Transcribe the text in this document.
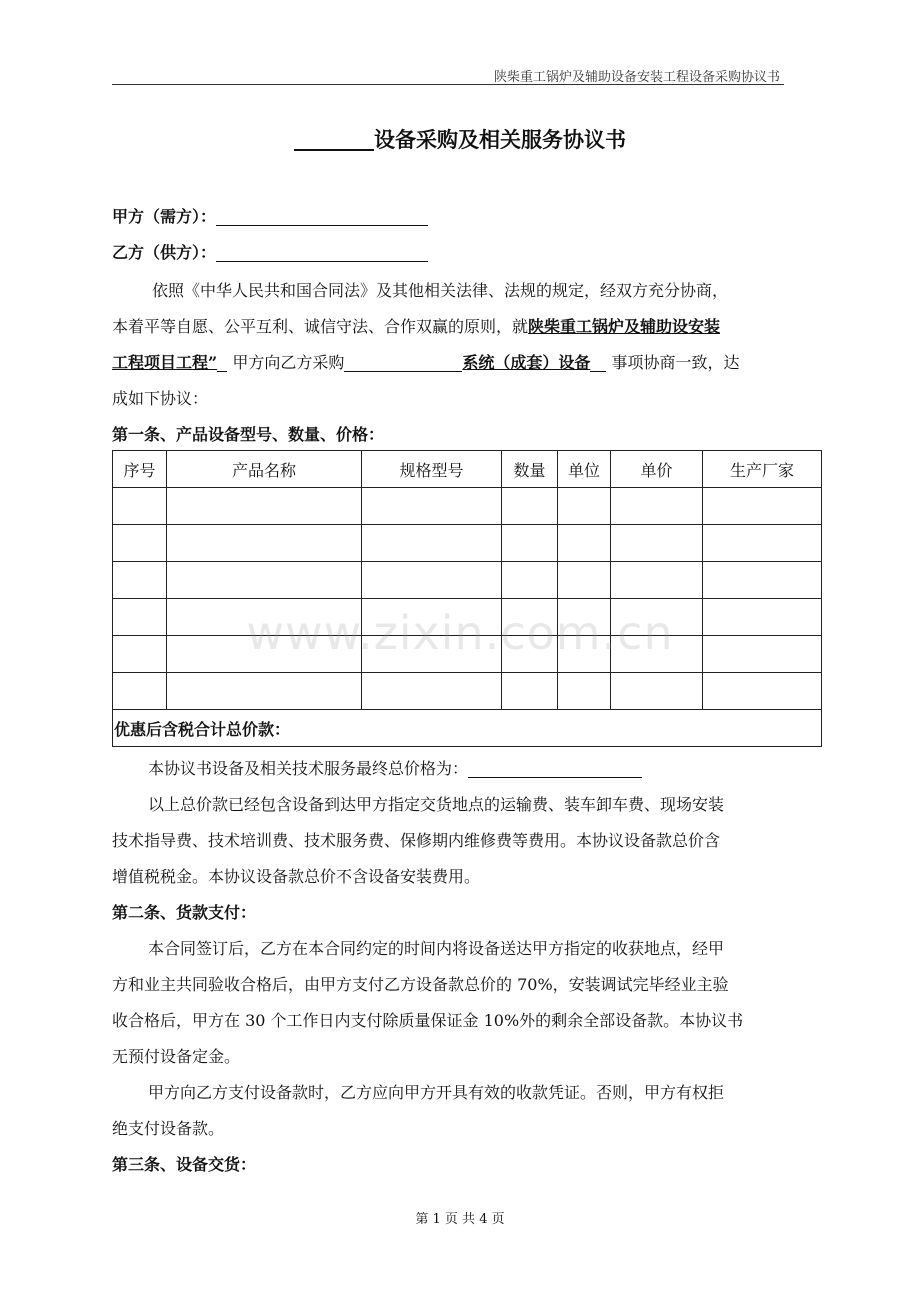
陕柴重工锅炉及辅助设备安装工程设备采购协议书
设备采购及相关服务协议书
甲方（需方）：
乙方（供方）：
依照《中华人民共和国合同法》及其他相关法律、法规的规定，经双方充分协商，
本着平等自愿、公平互利、诚信守法、合作双赢的原则，就陕柴重工锅炉及辅助设安装
工程项目工程” 甲方向乙方采购	系统（成套）设备 事项协商一致，达
成如下协议：
第一条、产品设备型号、数量、价格：
序号	产品名称	规格型号	数量	单位	单价	生产厂家

优惠后含税合计总价款：						
本协议书设备及相关技术服务最终总价格为：
以上总价款已经包含设备到达甲方指定交货地点的运输费、装车卸车费、现场安装
技术指导费、技术培训费、技术服务费、保修期内维修费等费用。本协议设备款总价含
增值税税金。本协议设备款总价不含设备安装费用。
第二条、货款支付：
本合同签订后，乙方在本合同约定的时间内将设备送达甲方指定的收获地点，经甲
方和业主共同验收合格后，由甲方支付乙方设备款总价的 70%，安装调试完毕经业主验
收合格后，甲方在 30 个工作日内支付除质量保证金 10%外的剩余全部设备款。本协议书
无预付设备定金。
甲方向乙方支付设备款时，乙方应向甲方开具有效的收款凭证。否则，甲方有权拒
绝支付设备款。
第三条、设备交货：
www.zixin.com.cn
第 1 页 共 4 页
